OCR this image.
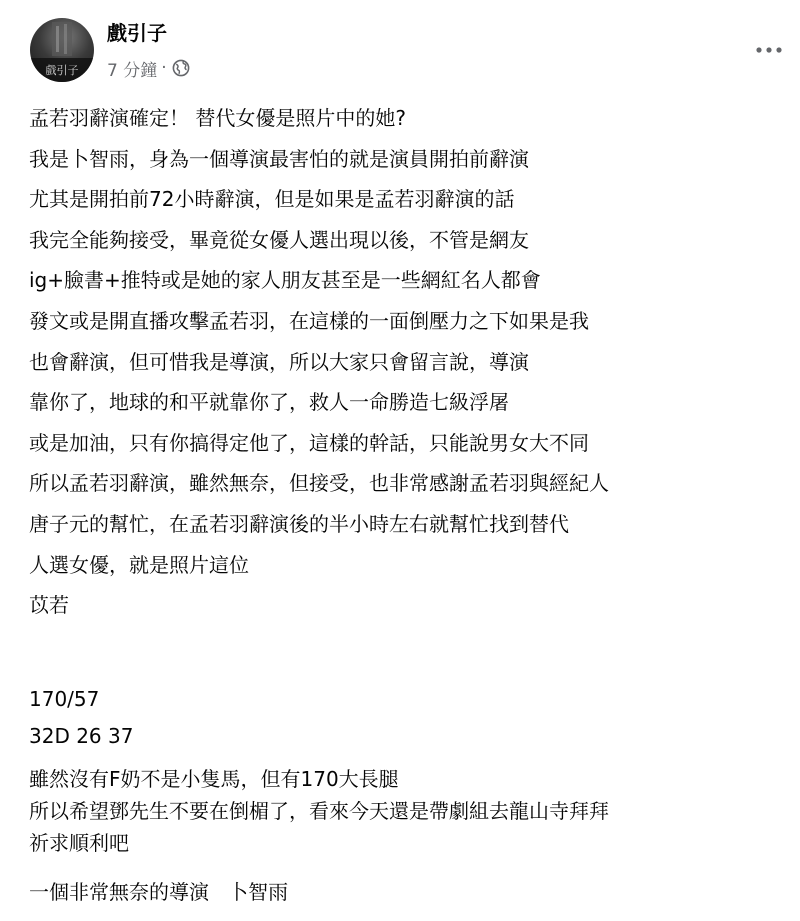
戲引子
戲引子
7 分鐘 ·
孟若羽辭演確定！ 替代女優是照片中的她?
我是卜智雨，身為一個導演最害怕的就是演員開拍前辭演
尤其是開拍前72小時辭演，但是如果是孟若羽辭演的話
我完全能夠接受，畢竟從女優人選出現以後，不管是網友
ig+臉書+推特或是她的家人朋友甚至是一些網紅名人都會
發文或是開直播攻擊孟若羽，在這樣的一面倒壓力之下如果是我
也會辭演，但可惜我是導演，所以大家只會留言說，導演
靠你了，地球的和平就靠你了，救人一命勝造七級浮屠
或是加油，只有你搞得定他了，這樣的幹話，只能說男女大不同
所以孟若羽辭演，雖然無奈，但接受，也非常感謝孟若羽與經紀人
唐子元的幫忙，在孟若羽辭演後的半小時左右就幫忙找到替代
人選女優，就是照片這位
苡若
170/57
32D 26 37
雖然沒有F奶不是小隻馬，但有170大長腿
所以希望鄧先生不要在倒楣了，看來今天還是帶劇組去龍山寺拜拜
祈求順利吧
一個非常無奈的導演   卜智雨
